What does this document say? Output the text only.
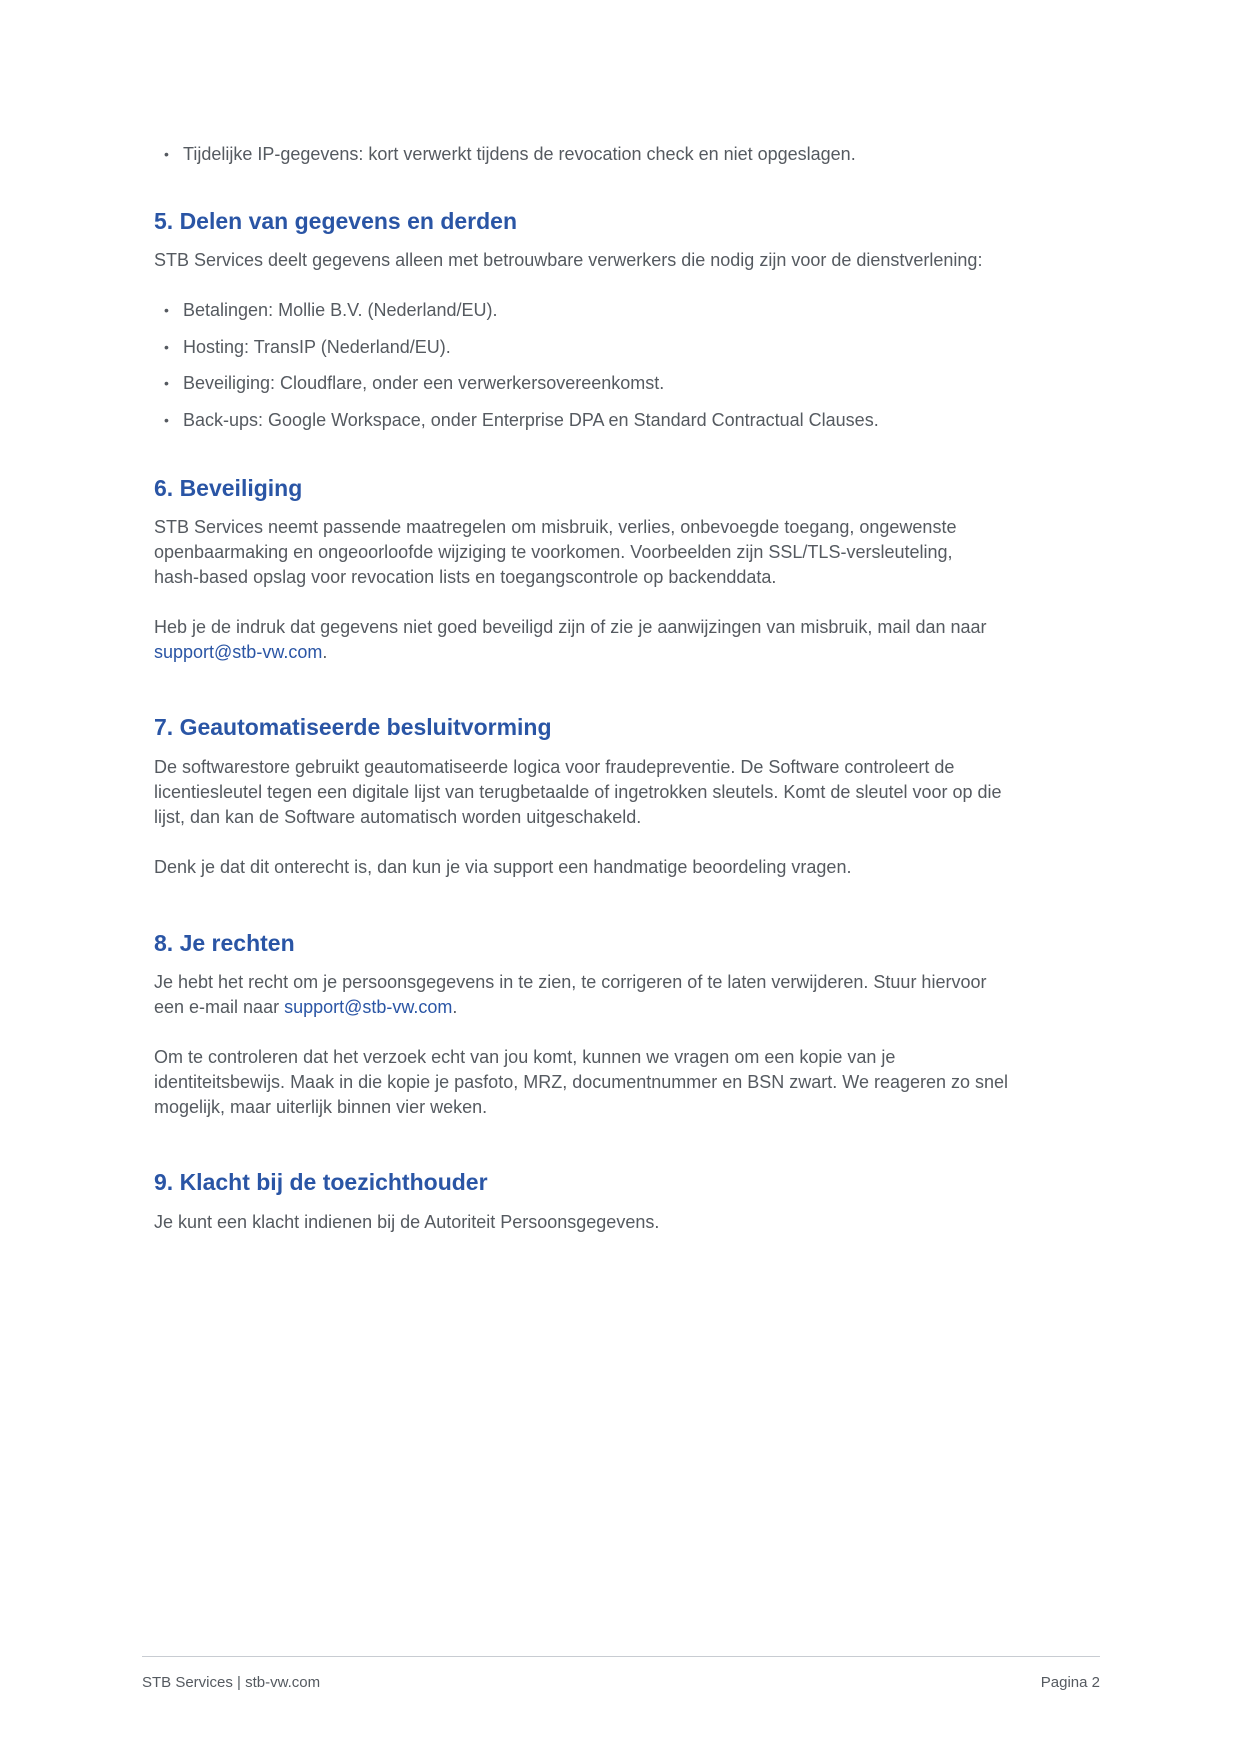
• Tijdelijke IP-gegevens: kort verwerkt tijdens de revocation check en niet opgeslagen.
5. Delen van gegevens en derden

STB Services deelt gegevens alleen met betrouwbare verwerkers die nodig zijn voor de dienstverlening:

• Betalingen: Mollie B.V. (Nederland/EU).
• Hosting: TransIP (Nederland/EU).
• Beveiliging: Cloudflare, onder een verwerkersovereenkomst.
• Back-ups: Google Workspace, onder Enterprise DPA en Standard Contractual Clauses.
6. Beveiliging

STB Services neemt passende maatregelen om misbruik, verlies, onbevoegde toegang, ongewenste

openbaarmaking en ongeoorloofde wijziging te voorkomen. Voorbeelden zijn SSL/TLS-versleuteling,

hash-based opslag voor revocation lists en toegangscontrole op backenddata.

Heb je de indruk dat gegevens niet goed beveiligd zijn of zie je aanwijzingen van misbruik, mail dan naar

support@stb-vw.com.

7. Geautomatiseerde besluitvorming

De softwarestore gebruikt geautomatiseerde logica voor fraudepreventie. De Software controleert de

licentiesleutel tegen een digitale lijst van terugbetaalde of ingetrokken sleutels. Komt de sleutel voor op die

lijst, dan kan de Software automatisch worden uitgeschakeld.

Denk je dat dit onterecht is, dan kun je via support een handmatige beoordeling vragen.

8. Je rechten

Je hebt het recht om je persoonsgegevens in te zien, te corrigeren of te laten verwijderen. Stuur hiervoor

een e-mail naar support@stb-vw.com.

Om te controleren dat het verzoek echt van jou komt, kunnen we vragen om een kopie van je

identiteitsbewijs. Maak in die kopie je pasfoto, MRZ, documentnummer en BSN zwart. We reageren zo snel

mogelijk, maar uiterlijk binnen vier weken.

9. Klacht bij de toezichthouder

Je kunt een klacht indienen bij de Autoriteit Persoonsgegevens.

STB Services | stb-vw.com	Pagina 2
